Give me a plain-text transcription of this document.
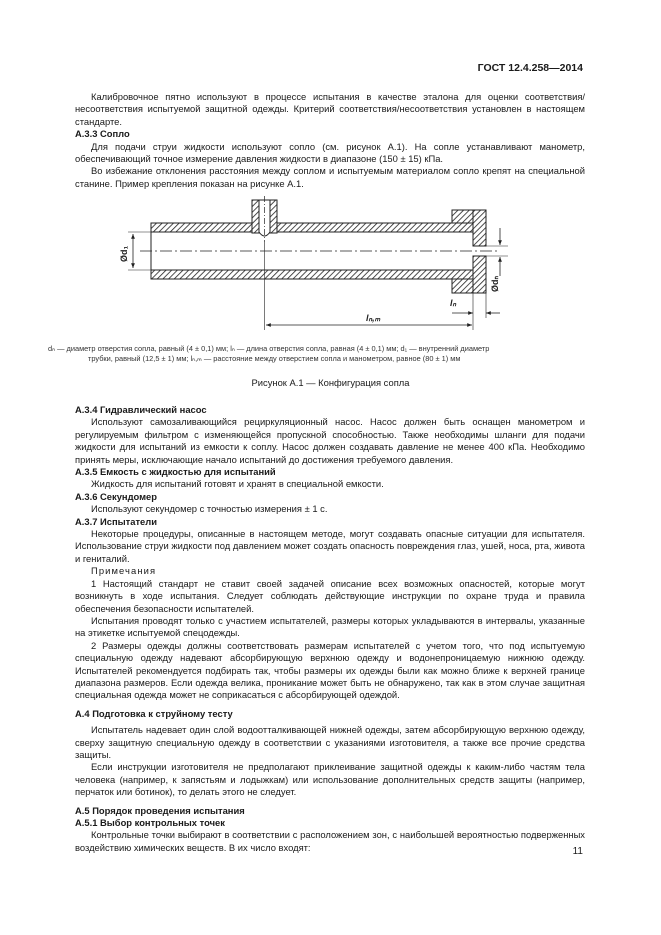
ГОСТ 12.4.258—2014

Калибровочное пятно используют в процессе испытания в качестве эталона для оценки соответствия/несоответствия испытуемой защитной одежды. Критерий соответствия/несоответствия установлен в настоящем стандарте.

А.3.3 Сопло

Для подачи струи жидкости используют сопло (см. рисунок А.1). На сопле устанавливают манометр, обеспечивающий точное измерение давления жидкости в диапазоне (150 ± 15) кПа.

Во избежание отклонения расстояния между соплом и испытуемым материалом сопло крепят на специальной станине. Пример крепления показан на рисунке А.1.

Ød₁
Ødₙ
lₙ
lₙ,ₘ
dₙ — диаметр отверстия сопла, равный (4 ± 0,1) мм; lₙ — длина отверстия сопла, равная (4 ± 0,1) мм; d₁ — внутренний диаметр
трубки, равный (12,5 ± 1) мм; lₙ,ₘ — расстояние между отверстием сопла и манометром, равное (80 ± 1) мм
Рисунок А.1 — Конфигурация сопла

А.3.4 Гидравлический насос

Используют самозаливающийся рециркуляционный насос. Насос должен быть оснащен манометром и регулируемым фильтром с изменяющейся пропускной способностью. Также необходимы шланги для подачи жидкости для испытаний из емкости к соплу. Насос должен создавать давление не менее 400 кПа. Необходимо принять меры, исключающие начало испытаний до достижения требуемого давления.

А.3.5 Емкость с жидкостью для испытаний

Жидкость для испытаний готовят и хранят в специальной емкости.

А.3.6 Секундомер

Используют секундомер с точностью измерения ± 1 с.

А.3.7 Испытатели

Некоторые процедуры, описанные в настоящем методе, могут создавать опасные ситуации для испытателя. Использование струи жидкости под давлением может создать опасность повреждения глаз, ушей, носа, рта, живота и гениталий.

Примечания

1 Настоящий стандарт не ставит своей задачей описание всех возможных опасностей, которые могут возникнуть в ходе испытания. Следует соблюдать действующие инструкции по охране труда и правила обеспечения безопасности испытателей.

Испытания проводят только с участием испытателей, размеры которых укладываются в интервалы, указанные на этикетке испытуемой спецодежды.

2 Размеры одежды должны соответствовать размерам испытателей с учетом того, что под испытуемую специальную одежду надевают абсорбирующую верхнюю одежду и водонепроницаемую нижнюю одежду. Испытателей рекомендуется подбирать так, чтобы размеры их одежды были как можно ближе к верхней границе диапазона размеров. Если одежда велика, проникание может быть не обнаружено, так как в этом случае защитная специальная одежда может не соприкасаться с абсорбирующей одеждой.

А.4 Подготовка к струйному тесту

Испытатель надевает один слой водоотталкивающей нижней одежды, затем абсорбирующую верхнюю одежду, сверху защитную специальную одежду в соответствии с указаниями изготовителя, а также все прочие средства защиты.

Если инструкции изготовителя не предполагают приклеивание защитной одежды к каким-либо частям тела человека (например, к запястьям и лодыжкам) или использование дополнительных средств защиты (например, перчаток или ботинок), то делать этого не следует.

А.5 Порядок проведения испытания

А.5.1 Выбор контрольных точек

Контрольные точки выбирают в соответствии с расположением зон, с наибольшей вероятностью подверженных воздействию химических веществ. В их число входят:	11
